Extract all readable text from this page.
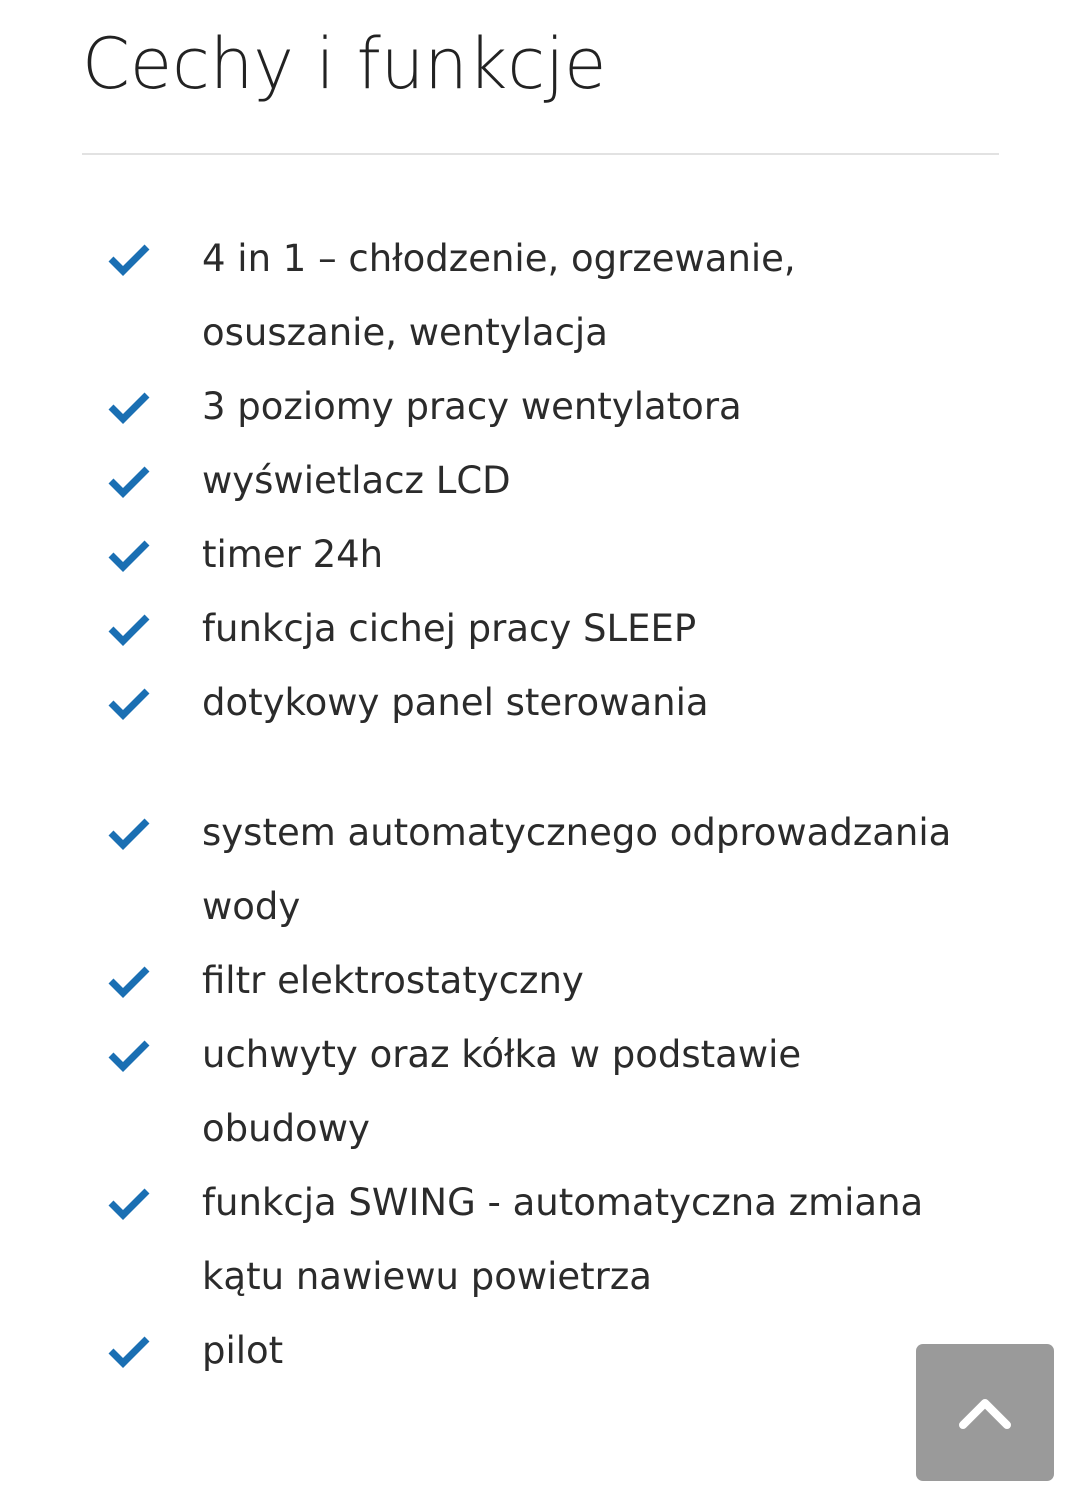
Cechy i funkcje
4 in 1 – chłodzenie, ogrzewanie, osuszanie, wentylacja
3 poziomy pracy wentylatora
wyświetlacz LCD
timer 24h
funkcja cichej pracy SLEEP
dotykowy panel sterowania
system automatycznego odprowadzania wody
filtr elektrostatyczny
uchwyty oraz kółka w podstawie obudowy
funkcja SWING - automatyczna zmiana kątu nawiewu powietrza
pilot
